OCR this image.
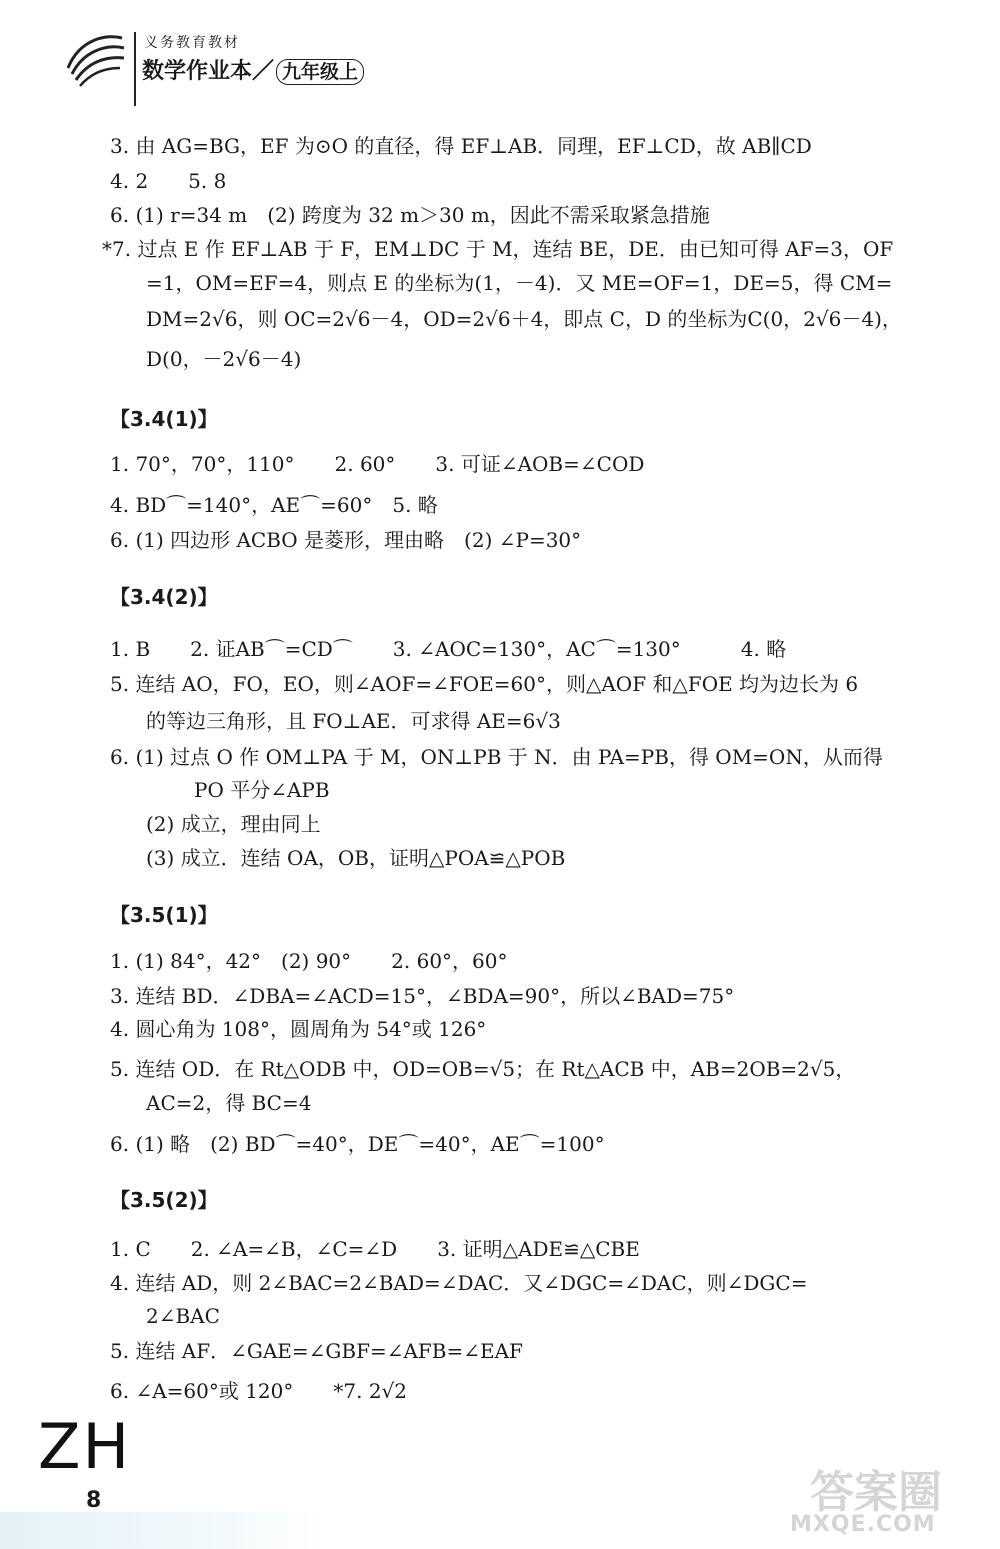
义务教育教材
数学作业本／ 九年级上
3. 由 AG=BG，EF 为⊙O 的直径，得 EF⊥AB．同理，EF⊥CD，故 AB∥CD
4. 2　　5. 8
6. (1) r=34 m　(2) 跨度为 32 m＞30 m，因此不需采取紧急措施
*7. 过点 E 作 EF⊥AB 于 F，EM⊥DC 于 M，连结 BE，DE．由已知可得 AF=3，OF
=1，OM=EF=4，则点 E 的坐标为(1，－4)．又 ME=OF=1，DE=5，得 CM=
DM=2√6，则 OC=2√6－4，OD=2√6＋4，即点 C，D 的坐标为C(0，2√6－4)，
D(0，－2√6－4)
【3.4(1)】
1. 70°，70°，110°　　2. 60°　　3. 可证∠AOB=∠COD
4. BD⌒=140°，AE⌒=60°　5. 略
6. (1) 四边形 ACBO 是菱形，理由略　(2) ∠P=30°
【3.4(2)】
1. B　　2. 证AB⌒=CD⌒　　3. ∠AOC=130°，AC⌒=130°　　　4. 略
5. 连结 AO，FO，EO，则∠AOF=∠FOE=60°，则△AOF 和△FOE 均为边长为 6
的等边三角形，且 FO⊥AE．可求得 AE=6√3
6. (1) 过点 O 作 OM⊥PA 于 M，ON⊥PB 于 N．由 PA=PB，得 OM=ON，从而得
PO 平分∠APB
(2) 成立，理由同上
(3) 成立．连结 OA，OB，证明△POA≌△POB
【3.5(1)】
1. (1) 84°，42°　(2) 90°　　2. 60°，60°
3. 连结 BD．∠DBA=∠ACD=15°，∠BDA=90°，所以∠BAD=75°
4. 圆心角为 108°，圆周角为 54°或 126°
5. 连结 OD．在 Rt△ODB 中，OD=OB=√5；在 Rt△ACB 中，AB=2OB=2√5，
AC=2，得 BC=4
6. (1) 略　(2) BD⌒=40°，DE⌒=40°，AE⌒=100°
【3.5(2)】
1. C　　2. ∠A=∠B，∠C=∠D　　3. 证明△ADE≌△CBE
4. 连结 AD，则 2∠BAC=2∠BAD=∠DAC．又∠DGC=∠DAC，则∠DGC=
2∠BAC
5. 连结 AF．∠GAE=∠GBF=∠AFB=∠EAF
6. ∠A=60°或 120°　　*7. 2√2
ZH
8	答案圈
MXQE.COM
